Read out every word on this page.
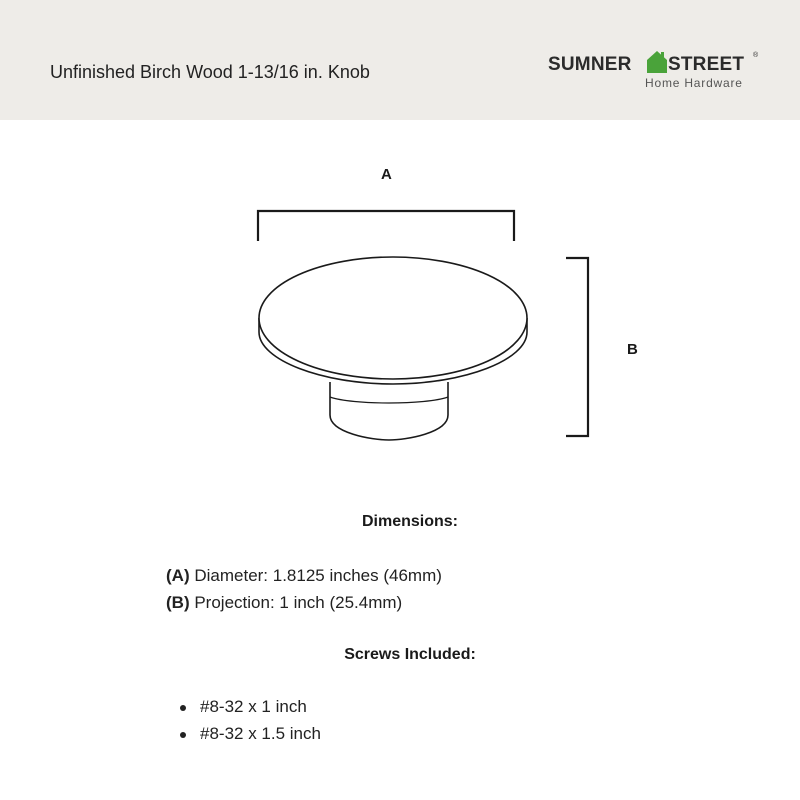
Unfinished Birch Wood 1-13/16 in. Knob	SUMNER STREET ®
Home Hardware
A
B
Dimensions:
(A) Diameter: 1.8125 inches (46mm)
(B) Projection: 1 inch (25.4mm)
Screws Included:
#8-32 x 1 inch
#8-32 x 1.5 inch
